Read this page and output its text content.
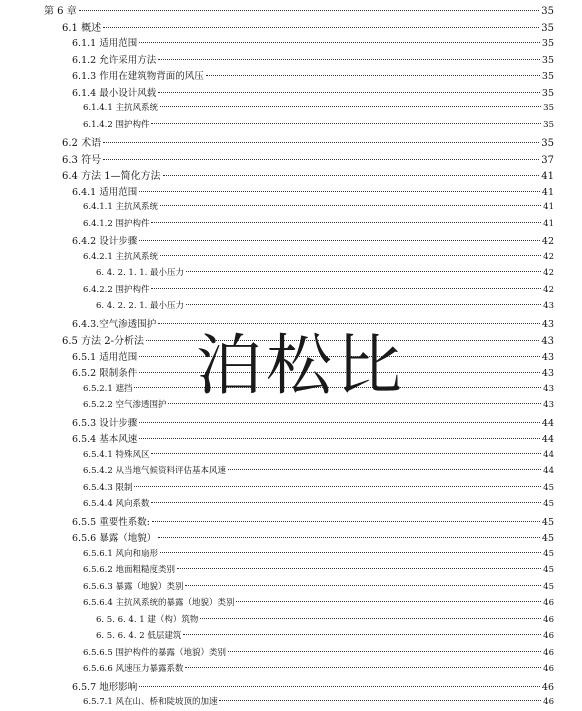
第 6 章	35
6.1 概述	35
6.1.1 适用范围	35
6.1.2 允许采用方法	35
6.1.3 作用在建筑物背面的风压	35
6.1.4 最小设计风载	35
6.1.4.1 主抗风系统	35
6.1.4.2 围护构件	35
6.2 术语	35
6.3 符号	37
6.4 方法 1—简化方法	41
6.4.1 适用范围	41
6.4.1.1 主抗风系统	41
6.4.1.2 围护构件	41
6.4.2 设计步骤	42
6.4.2.1 主抗风系统	42
6. 4. 2. 1. 1. 最小压力	42
6.4.2.2 围护构件	42
6. 4. 2. 2. 1. 最小压力	43
6.4.3.空气渗透围护	43
6.5 方法 2-分析法	43
6.5.1 适用范围	43
6.5.2 限制条件	43
6.5.2.1 遮挡	43
6.5.2.2 空气渗透围护	43
6.5.3 设计步骤	44
6.5.4 基本风速	44
6.5.4.1 特殊风区	44
6.5.4.2 从当地气候资料评估基本风速	44
6.5.4.3 限制	45
6.5.4.4 风向系数	45
6.5.5 重要性系数:	45
6.5.6 暴露（地貌）	45
6.5.6.1 风向和扇形	45
6.5.6.2 地面粗糙度类别	45
6.5.6.3 暴露（地貌）类别	45
6.5.6.4 主抗风系统的暴露（地貌）类别	46
6. 5. 6. 4. 1 建（构）筑物	46
6. 5. 6. 4. 2 低层建筑	46
6.5.6.5 围护构件的暴露（地貌）类别	46
6.5.6.6 风速压力暴露系数	46
6.5.7 地形影响	46
6.5.7.1 风在山、桥和陡坡顶的加速	46
泊松比
